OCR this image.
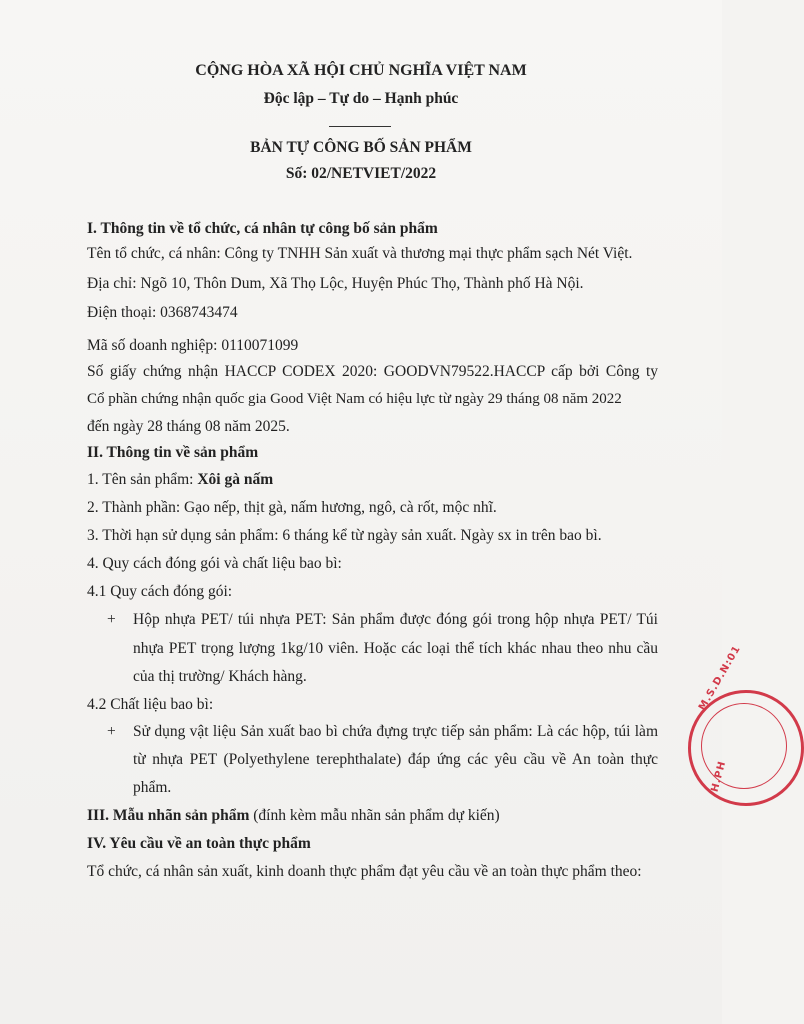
CỘNG HÒA XÃ HỘI CHỦ NGHĨA VIỆT NAM
Độc lập – Tự do – Hạnh phúc
BẢN TỰ CÔNG BỐ SẢN PHẨM
Số: 02/NETVIET/2022
I. Thông tin về tổ chức, cá nhân tự công bố sản phẩm
Tên tổ chức, cá nhân: Công ty TNHH Sản xuất và thương mại thực phẩm sạch Nét Việt.
Địa chỉ: Ngõ 10, Thôn Dum, Xã Thọ Lộc, Huyện Phúc Thọ, Thành phố Hà Nội.
Điện thoại: 0368743474
Mã số doanh nghiệp: 0110071099
Số giấy chứng nhận HACCP CODEX 2020: GOODVN79522.HACCP cấp bởi Công ty
Cổ phần chứng nhận quốc gia Good Việt Nam có hiệu lực từ ngày 29 tháng 08 năm 2022
đến ngày 28 tháng 08 năm 2025.
II. Thông tin về sản phẩm
1. Tên sản phẩm: Xôi gà nấm
2. Thành phần: Gạo nếp, thịt gà, nấm hương, ngô, cà rốt, mộc nhĩ.
3. Thời hạn sử dụng sản phẩm: 6 tháng kể từ ngày sản xuất. Ngày sx in trên bao bì.
4. Quy cách đóng gói và chất liệu bao bì:
4.1 Quy cách đóng gói:
+ Hộp nhựa PET/ túi nhựa PET: Sản phẩm được đóng gói trong hộp nhựa PET/ Túi
nhựa PET trọng lượng 1kg/10 viên. Hoặc các loại thể tích khác nhau theo nhu cầu
của thị trường/ Khách hàng.
4.2 Chất liệu bao bì:
+ Sử dụng vật liệu Sản xuất bao bì chứa đựng trực tiếp sản phẩm: Là các hộp, túi làm
từ nhựa PET (Polyethylene terephthalate) đáp ứng các yêu cầu về An toàn thực
phẩm.
III. Mẫu nhãn sản phẩm (đính kèm mẫu nhãn sản phẩm dự kiến)
IV. Yêu cầu về an toàn thực phẩm
Tổ chức, cá nhân sản xuất, kinh doanh thực phẩm đạt yêu cầu về an toàn thực phẩm theo:
M.S.D.N:01
H.PH
